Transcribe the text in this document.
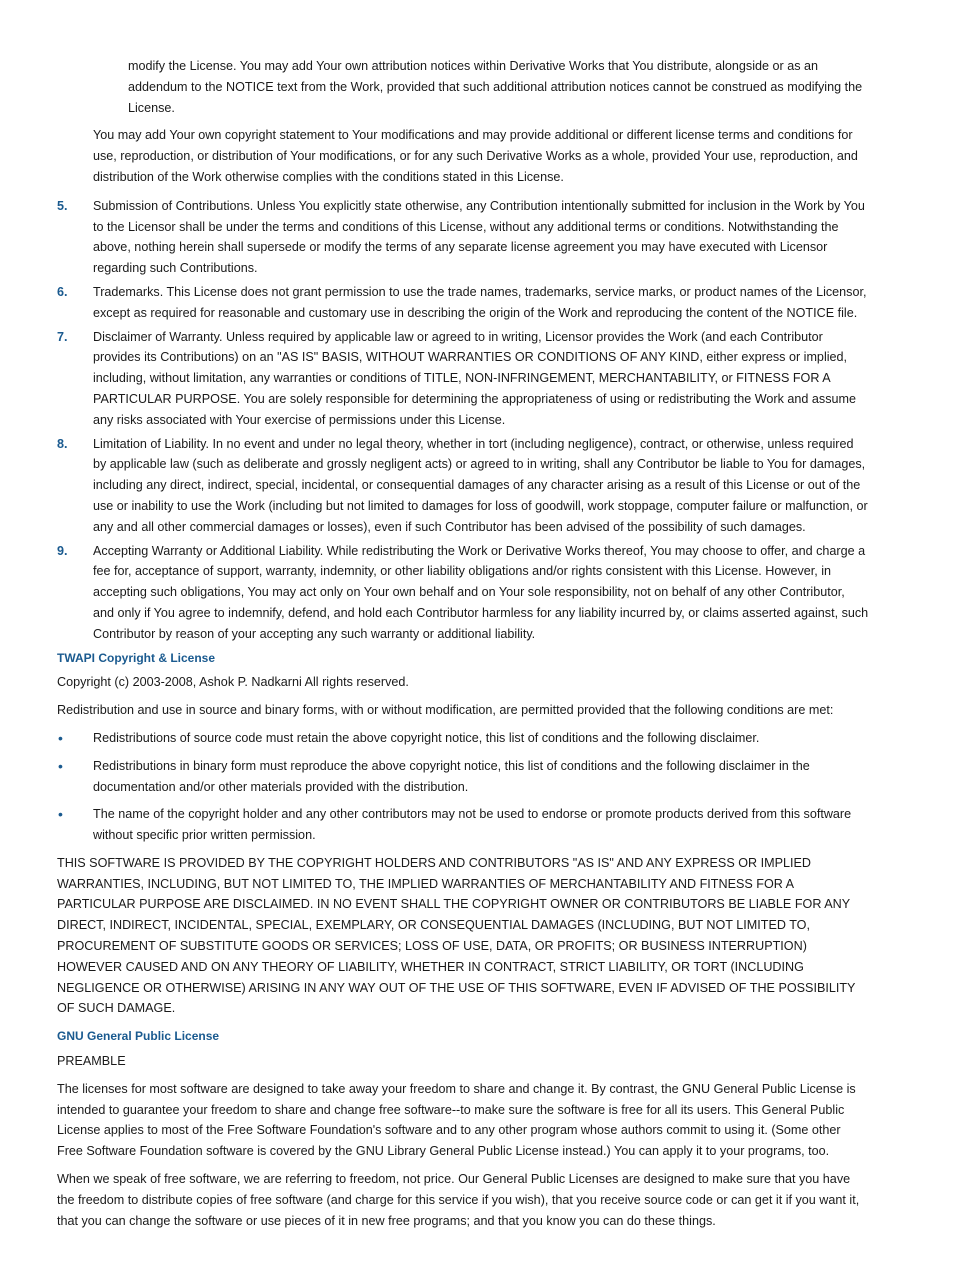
modify the License. You may add Your own attribution notices within Derivative Works that You distribute, alongside or as an addendum to the NOTICE text from the Work, provided that such additional attribution notices cannot be construed as modifying the License.

You may add Your own copyright statement to Your modifications and may provide additional or different license terms and conditions for use, reproduction, or distribution of Your modifications, or for any such Derivative Works as a whole, provided Your use, reproduction, and distribution of the Work otherwise complies with the conditions stated in this License.

5. Submission of Contributions. Unless You explicitly state otherwise, any Contribution intentionally submitted for inclusion in the Work by You to the Licensor shall be under the terms and conditions of this License, without any additional terms or conditions. Notwithstanding the above, nothing herein shall supersede or modify the terms of any separate license agreement you may have executed with Licensor regarding such Contributions.
6. Trademarks. This License does not grant permission to use the trade names, trademarks, service marks, or product names of the Licensor, except as required for reasonable and customary use in describing the origin of the Work and reproducing the content of the NOTICE file.
7. Disclaimer of Warranty. Unless required by applicable law or agreed to in writing, Licensor provides the Work (and each Contributor provides its Contributions) on an "AS IS" BASIS, WITHOUT WARRANTIES OR CONDITIONS OF ANY KIND, either express or implied, including, without limitation, any warranties or conditions of TITLE, NON-INFRINGEMENT, MERCHANTABILITY, or FITNESS FOR A PARTICULAR PURPOSE. You are solely responsible for determining the appropriateness of using or redistributing the Work and assume any risks associated with Your exercise of permissions under this License.
8. Limitation of Liability. In no event and under no legal theory, whether in tort (including negligence), contract, or otherwise, unless required by applicable law (such as deliberate and grossly negligent acts) or agreed to in writing, shall any Contributor be liable to You for damages, including any direct, indirect, special, incidental, or consequential damages of any character arising as a result of this License or out of the use or inability to use the Work (including but not limited to damages for loss of goodwill, work stoppage, computer failure or malfunction, or any and all other commercial damages or losses), even if such Contributor has been advised of the possibility of such damages.
9. Accepting Warranty or Additional Liability. While redistributing the Work or Derivative Works thereof, You may choose to offer, and charge a fee for, acceptance of support, warranty, indemnity, or other liability obligations and/or rights consistent with this License. However, in accepting such obligations, You may act only on Your own behalf and on Your sole responsibility, not on behalf of any other Contributor, and only if You agree to indemnify, defend, and hold each Contributor harmless for any liability incurred by, or claims asserted against, such Contributor by reason of your accepting any such warranty or additional liability.
TWAPI Copyright & License

Copyright (c) 2003-2008, Ashok P. Nadkarni All rights reserved.

Redistribution and use in source and binary forms, with or without modification, are permitted provided that the following conditions are met:

• Redistributions of source code must retain the above copyright notice, this list of conditions and the following disclaimer.
• Redistributions in binary form must reproduce the above copyright notice, this list of conditions and the following disclaimer in the documentation and/or other materials provided with the distribution.
• The name of the copyright holder and any other contributors may not be used to endorse or promote products derived from this software without specific prior written permission.

THIS SOFTWARE IS PROVIDED BY THE COPYRIGHT HOLDERS AND CONTRIBUTORS "AS IS" AND ANY EXPRESS OR IMPLIED WARRANTIES, INCLUDING, BUT NOT LIMITED TO, THE IMPLIED WARRANTIES OF MERCHANTABILITY AND FITNESS FOR A PARTICULAR PURPOSE ARE DISCLAIMED. IN NO EVENT SHALL THE COPYRIGHT OWNER OR CONTRIBUTORS BE LIABLE FOR ANY DIRECT, INDIRECT, INCIDENTAL, SPECIAL, EXEMPLARY, OR CONSEQUENTIAL DAMAGES (INCLUDING, BUT NOT LIMITED TO, PROCUREMENT OF SUBSTITUTE GOODS OR SERVICES; LOSS OF USE, DATA, OR PROFITS; OR BUSINESS INTERRUPTION) HOWEVER CAUSED AND ON ANY THEORY OF LIABILITY, WHETHER IN CONTRACT, STRICT LIABILITY, OR TORT (INCLUDING NEGLIGENCE OR OTHERWISE) ARISING IN ANY WAY OUT OF THE USE OF THIS SOFTWARE, EVEN IF ADVISED OF THE POSSIBILITY OF SUCH DAMAGE.

GNU General Public License

PREAMBLE

The licenses for most software are designed to take away your freedom to share and change it. By contrast, the GNU General Public License is intended to guarantee your freedom to share and change free software--to make sure the software is free for all its users. This General Public License applies to most of the Free Software Foundation's software and to any other program whose authors commit to using it. (Some other Free Software Foundation software is covered by the GNU Library General Public License instead.) You can apply it to your programs, too.

When we speak of free software, we are referring to freedom, not price. Our General Public Licenses are designed to make sure that you have the freedom to distribute copies of free software (and charge for this service if you wish), that you receive source code or can get it if you want it, that you can change the software or use pieces of it in new free programs; and that you know you can do these things.
